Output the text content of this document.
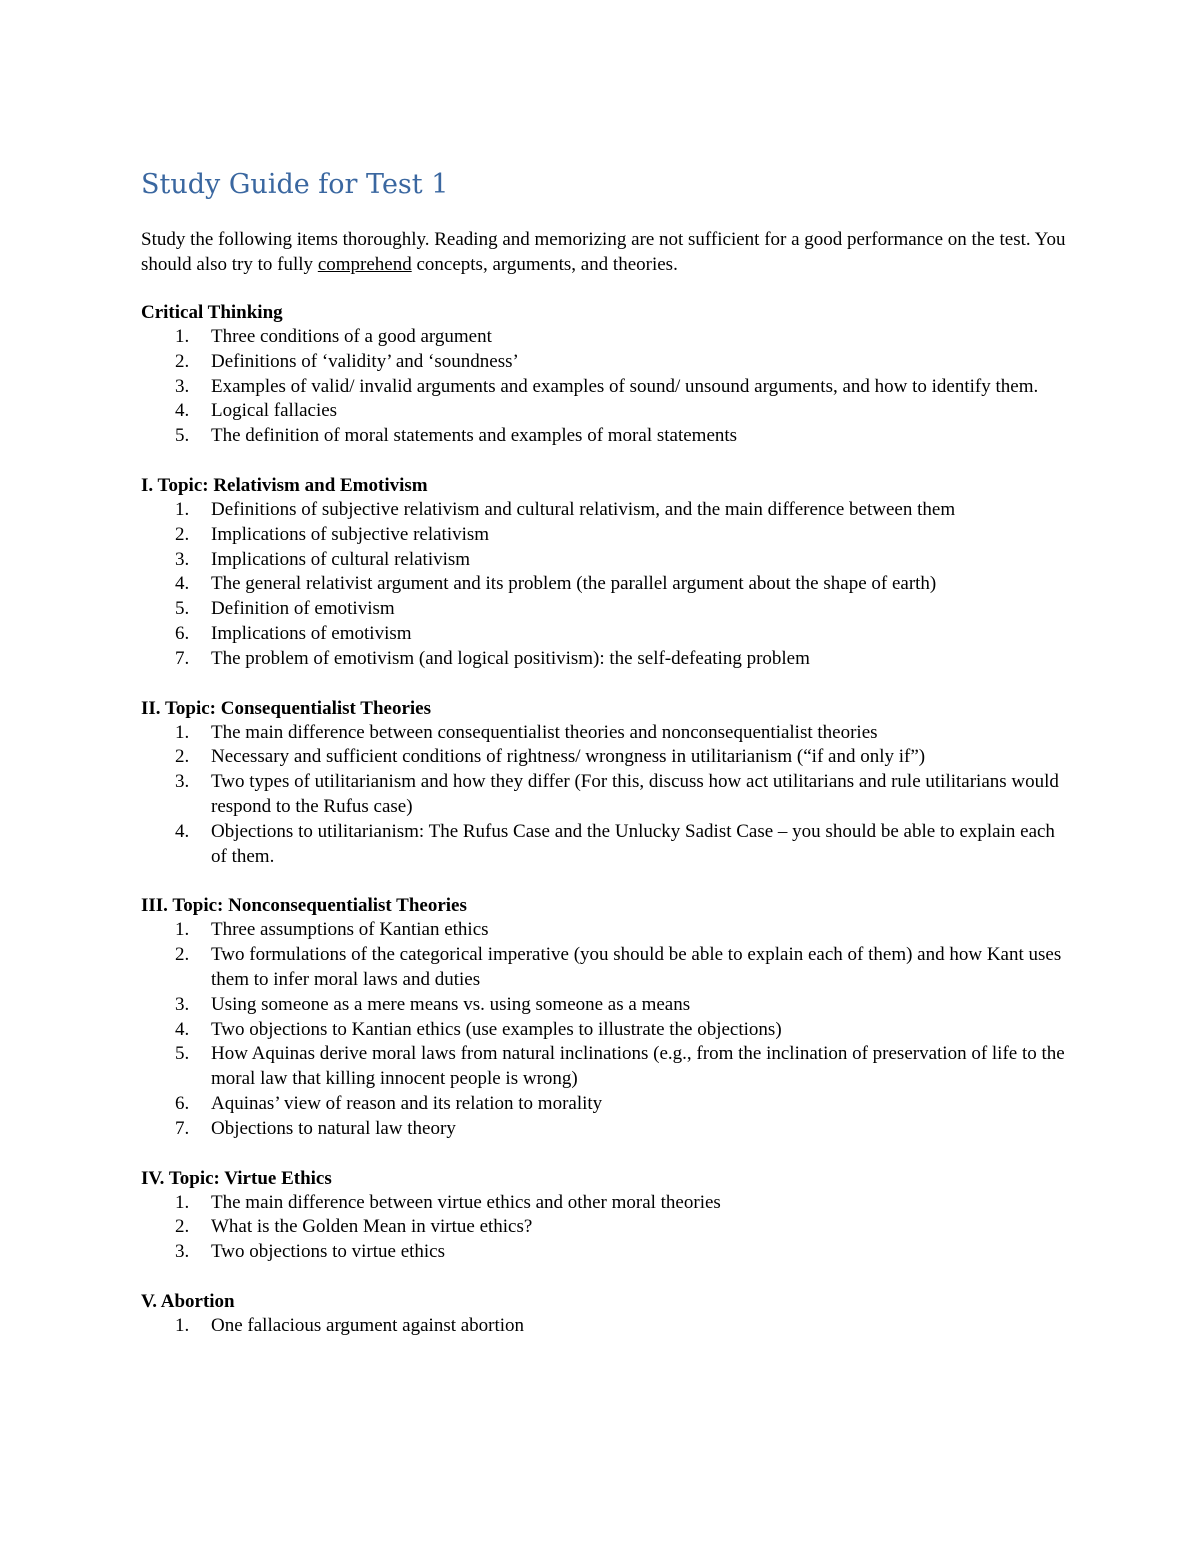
Study Guide for Test 1

Study the following items thoroughly. Reading and memorizing are not sufficient for a good performance on the test. You should also try to fully comprehend concepts, arguments, and theories.

Critical Thinking
1. Three conditions of a good argument
2. Definitions of ‘validity’ and ‘soundness’
3. Examples of valid/ invalid arguments and examples of sound/ unsound arguments, and how to identify them.
4. Logical fallacies
5. The definition of moral statements and examples of moral statements
I. Topic: Relativism and Emotivism
1. Definitions of subjective relativism and cultural relativism, and the main difference between them
2. Implications of subjective relativism
3. Implications of cultural relativism
4. The general relativist argument and its problem (the parallel argument about the shape of earth)
5. Definition of emotivism
6. Implications of emotivism
7. The problem of emotivism (and logical positivism): the self-defeating problem
II. Topic: Consequentialist Theories
1. The main difference between consequentialist theories and nonconsequentialist theories
2. Necessary and sufficient conditions of rightness/ wrongness in utilitarianism (“if and only if”)
3. Two types of utilitarianism and how they differ (For this, discuss how act utilitarians and rule utilitarians would respond to the Rufus case)
4. Objections to utilitarianism: The Rufus Case and the Unlucky Sadist Case – you should be able to explain each of them.
III. Topic: Nonconsequentialist Theories
1. Three assumptions of Kantian ethics
2. Two formulations of the categorical imperative (you should be able to explain each of them) and how Kant uses them to infer moral laws and duties
3. Using someone as a mere means vs. using someone as a means
4. Two objections to Kantian ethics (use examples to illustrate the objections)
5. How Aquinas derive moral laws from natural inclinations (e.g., from the inclination of preservation of life to the moral law that killing innocent people is wrong)
6. Aquinas’ view of reason and its relation to morality
7. Objections to natural law theory
IV. Topic: Virtue Ethics
1. The main difference between virtue ethics and other moral theories
2. What is the Golden Mean in virtue ethics?
3. Two objections to virtue ethics
V. Abortion
1. One fallacious argument against abortion
